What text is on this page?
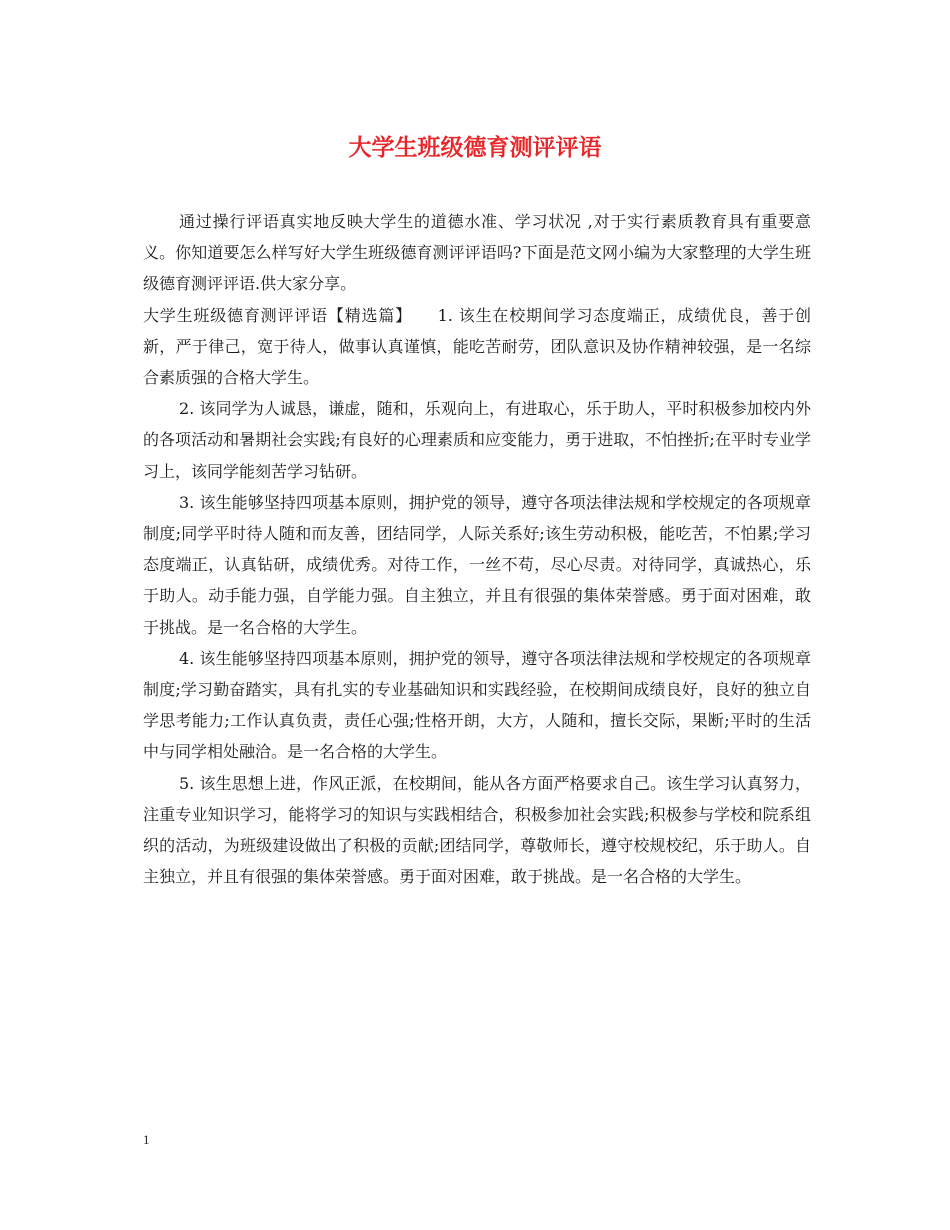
大学生班级德育测评评语

通过操行评语真实地反映大学生的道德水准、学习状况 ,对于实行素质教育具有重要意义。你知道要怎么样写好大学生班级德育测评评语吗?下面是范文网小编为大家整理的大学生班级德育测评评语.供大家分享。

大学生班级德育测评评语【精选篇】　　1. 该生在校期间学习态度端正，成绩优良，善于创新，严于律己，宽于待人，做事认真谨慎，能吃苦耐劳，团队意识及协作精神较强，是一名综合素质强的合格大学生。

2. 该同学为人诚恳，谦虚，随和，乐观向上，有进取心，乐于助人，平时积极参加校内外的各项活动和暑期社会实践;有良好的心理素质和应变能力，勇于进取，不怕挫折;在平时专业学习上，该同学能刻苦学习钻研。

3. 该生能够坚持四项基本原则，拥护党的领导，遵守各项法律法规和学校规定的各项规章制度;同学平时待人随和而友善，团结同学，人际关系好;该生劳动积极，能吃苦，不怕累;学习态度端正，认真钻研，成绩优秀。对待工作，一丝不苟，尽心尽责。对待同学，真诚热心，乐于助人。动手能力强，自学能力强。自主独立，并且有很强的集体荣誉感。勇于面对困难，敢于挑战。是一名合格的大学生。

4. 该生能够坚持四项基本原则，拥护党的领导，遵守各项法律法规和学校规定的各项规章制度;学习勤奋踏实，具有扎实的专业基础知识和实践经验，在校期间成绩良好，良好的独立自学思考能力;工作认真负责，责任心强;性格开朗，大方，人随和，擅长交际，果断;平时的生活中与同学相处融洽。是一名合格的大学生。

5. 该生思想上进，作风正派，在校期间，能从各方面严格要求自己。该生学习认真努力，注重专业知识学习，能将学习的知识与实践相结合，积极参加社会实践;积极参与学校和院系组织的活动，为班级建设做出了积极的贡献;团结同学，尊敬师长，遵守校规校纪，乐于助人。自主独立，并且有很强的集体荣誉感。勇于面对困难，敢于挑战。是一名合格的大学生。

1
